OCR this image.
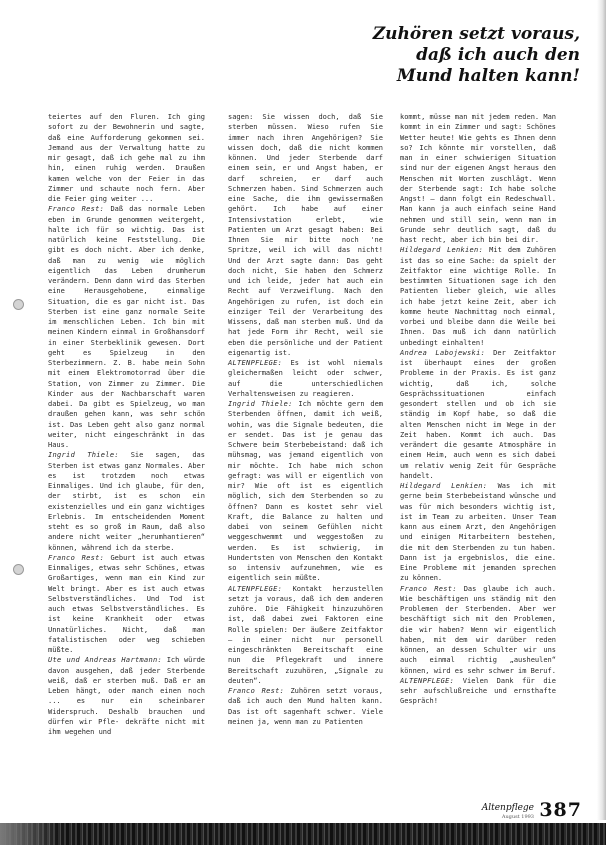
Zuhören setzt voraus,
daß ich auch den
Mund halten kann!

teiertes auf den Fluren. Ich ging sofort zu der Bewohnerin und sagte, daß eine Aufforderung gekommen sei. Jemand aus der Verwaltung hatte zu mir gesagt, daß ich gehe mal zu ihm hin, einen ruhig werden. Draußen kamen welche von der Feier in das Zimmer und schaute noch fern. Aber die Feier ging weiter ...

Franco Rest: Daß das normale Leben eben im Grunde genommen weitergeht, halte ich für so wichtig. Das ist natürlich keine Feststellung. Die gibt es doch nicht. Aber ich denke, daß man zu wenig wie möglich eigentlich das Leben drumherum verändern. Denn dann wird das Sterben eine Herausgehobene, einmalige Situation, die es gar nicht ist. Das Sterben ist eine ganz normale Seite im menschlichen Leben. Ich bin mit meinen Kindern einmal in Großhansdorf in einer Sterbeklinik gewesen. Dort geht es Spielzeug in den Sterbezimmern. Z. B. habe mein Sohn mit einem Elektromotorrad über die Station, von Zimmer zu Zimmer. Die Kinder aus der Nachbarschaft waren dabei. Da gibt es Spielzeug, wo man draußen gehen kann, was sehr schön ist. Das Leben geht also ganz normal weiter, nicht eingeschränkt in das Haus.

Ingrid Thiele: Sie sagen, das Sterben ist etwas ganz Normales. Aber es ist trotzdem noch etwas Einmaliges. Und ich glaube, für den, der stirbt, ist es schon ein existenzielles und ein ganz wichtiges Erlebnis. Im entscheidenden Moment steht es so groß im Raum, daß also andere nicht weiter „herumhantieren“ können, während ich da sterbe.

Franco Rest: Geburt ist auch etwas Einmaliges, etwas sehr Schönes, etwas Großartiges, wenn man ein Kind zur Welt bringt. Aber es ist auch etwas Selbstverständliches. Und Tod ist auch etwas Selbstverständliches. Es ist keine Krankheit oder etwas Unnatürliches. Nicht, daß man fatalistischen oder weg schieben müßte.

Ute und Andreas Hartmann: Ich würde davon ausgehen, daß jeder Sterbende weiß, daß er sterben muß. Daß er am Leben hängt, oder manch einen noch ... es nur ein scheinbarer Widerspruch. Deshalb brauchen und dürfen wir Pfle- dekräfte nicht mit ihm wegehen und

sagen: Sie wissen doch, daß Sie sterben müssen. Wieso rufen Sie immer nach ihren Angehörigen? Sie wissen doch, daß die nicht kommen können. Und jeder Sterbende darf einem sein, er und Angst haben, er darf schreien, er darf auch Schmerzen haben. Sind Schmerzen auch eine Sache, die ihm gewissermaßen gehört. Ich habe auf einer Intensivstation erlebt, wie Patienten um Arzt gesagt haben: Bei Ihnen Sie mir bitte noch 'ne Spritze, weil ich will das nicht! Und der Arzt sagte dann: Das geht doch nicht, Sie haben den Schmerz und ich leide, jeder hat auch ein Recht auf Verzweiflung. Nach den Angehörigen zu rufen, ist doch ein einziger Teil der Verarbeitung des Wissens, daß man sterben muß. Und da hat jede Form ihr Recht, weil sie eben die persönliche und der Patient eigenartig ist.

ALTENPFLEGE: Es ist wohl niemals gleichermaßen leicht oder schwer, auf die unterschiedlichen Verhaltensweisen zu reagieren.

Ingrid Thiele: Ich möchte gern dem Sterbenden öffnen, damit ich weiß, wohin, was die Signale bedeuten, die er sendet. Das ist je genau das Schwere beim Sterbebeistand: daß ich mühsmag, was jemand eigentlich von mir möchte. Ich habe mich schon gefragt: was will er eigentlich von mir? Wie oft ist es eigentlich möglich, sich dem Sterbenden so zu öffnen? Dann es kostet sehr viel Kraft, die Balance zu halten und dabei von seinem Gefühlen nicht weggeschwemmt und weggestoßen zu werden. Es ist schwierig, im Hundertsten von Menschen den Kontakt so intensiv aufzunehmen, wie es eigentlich sein müßte.

ALTENPFLEGE: Kontakt herzustellen setzt ja voraus, daß ich dem anderen zuhöre. Die Fähigkeit hinzuzuhören ist, daß dabei zwei Faktoren eine Rolle spielen: Der äußere Zeitfaktor – in einer nicht nur personell eingeschränkten Bereitschaft eine nun die Pflegekraft und innere Bereitschaft zuzuhören, „Signale zu deuten“.

Franco Rest: Zuhören setzt voraus, daß ich auch den Mund halten kann. Das ist oft sagenhaft schwer. Viele meinen ja, wenn man zu Patienten

kommt, müsse man mit jedem reden. Man kommt in ein Zimmer und sagt: Schönes Wetter heute! Wie gehts es Ihnen denn so? Ich könnte mir vorstellen, daß man in einer schwierigen Situation sind nur der eigenen Angst heraus den Menschen mit Worten zuschlägt. Wenn der Sterbende sagt: Ich habe solche Angst! – dann folgt ein Redeschwall. Man kann ja auch einfach seine Hand nehmen und still sein, wenn man im Grunde sehr deutlich sagt, daß du hast recht, aber ich bin bei dir.

Hildegard Lenkien: Mit dem Zuhören ist das so eine Sache: da spielt der Zeitfaktor eine wichtige Rolle. In bestimmten Situationen sage ich den Patienten lieber gleich, wie alles ich habe jetzt keine Zeit, aber ich komme heute Nachmittag noch einmal, vorbei und bleibe dann die Weile bei Ihnen. Das muß ich dann natürlich unbedingt einhalten!

Andrea Labojewski: Der Zeitfaktor ist überhaupt eines der großen Probleme in der Praxis. Es ist ganz wichtig, daß ich, solche Gesprächssituationen einfach gesondert stellen und ob ich sie ständig im Kopf habe, so daß die alten Menschen nicht im Wege in der Zeit haben. Kommt ich auch. Das verändert die gesamte Atmosphäre in einem Heim, auch wenn es sich dabei um relativ wenig Zeit für Gespräche handelt.

Hildegard Lenkien: Was ich mit gerne beim Sterbebeistand wünsche und was für mich besonders wichtig ist, ist im Team zu arbeiten. Unser Team kann aus einem Arzt, den Angehörigen und einigen Mitarbeitern bestehen, die mit dem Sterbenden zu tun haben. Dann ist ja ergebnislos, die eine. Eine Probleme mit jemanden sprechen zu können.

Franco Rest: Das glaube ich auch. Wie beschäftigen uns ständig mit den Problemen der Sterbenden. Aber wer beschäftigt sich mit den Problemen, die wir haben? Wenn wir eigentlich haben, mit dem wir darüber reden können, an dessen Schulter wir uns auch einmal richtig „ausheulen“ können, wird es sehr schwer im Beruf.

ALTENPFLEGE: Vielen Dank für die sehr aufschlußreiche und ernsthafte Gespräch!

Altenpflege
August 1993 387
